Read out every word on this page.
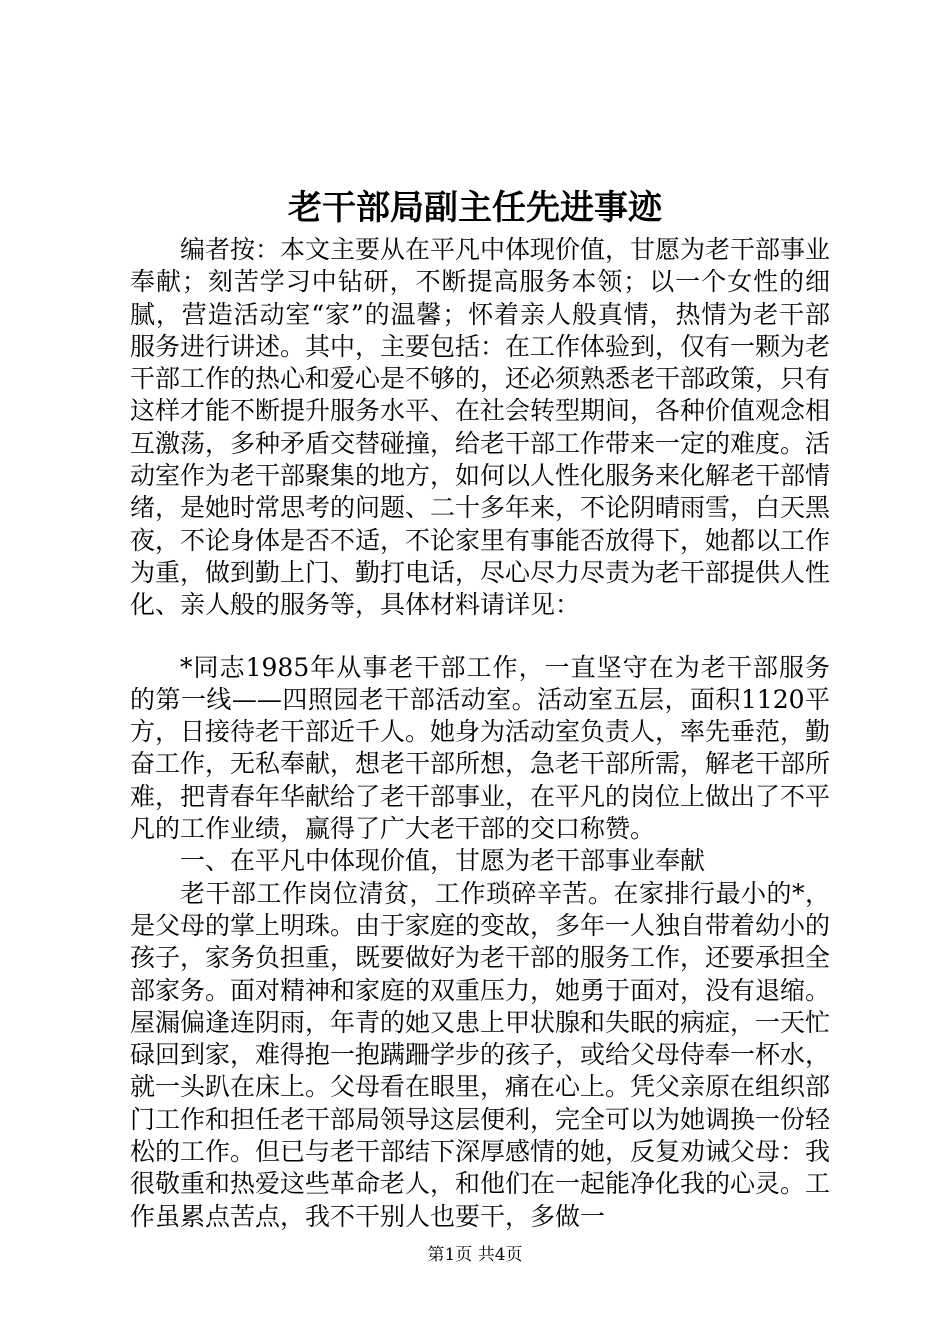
老干部局副主任先进事迹

编者按：本文主要从在平凡中体现价值，甘愿为老干部事业奉献；刻苦学习中钻研，不断提高服务本领；以一个女性的细腻，营造活动室“家”的温馨；怀着亲人般真情，热情为老干部服务进行讲述。其中，主要包括：在工作体验到，仅有一颗为老干部工作的热心和爱心是不够的，还必须熟悉老干部政策，只有这样才能不断提升服务水平、在社会转型期间，各种价值观念相互激荡，多种矛盾交替碰撞，给老干部工作带来一定的难度。活动室作为老干部聚集的地方，如何以人性化服务来化解老干部情绪，是她时常思考的问题、二十多年来，不论阴晴雨雪，白天黑夜，不论身体是否不适，不论家里有事能否放得下，她都以工作为重，做到勤上门、勤打电话，尽心尽力尽责为老干部提供人性化、亲人般的服务等，具体材料请详见：

*同志1985年从事老干部工作，一直坚守在为老干部服务的第一线——四照园老干部活动室。活动室五层，面积1120平方，日接待老干部近千人。她身为活动室负责人，率先垂范，勤奋工作，无私奉献，想老干部所想，急老干部所需，解老干部所难，把青春年华献给了老干部事业，在平凡的岗位上做出了不平凡的工作业绩，赢得了广大老干部的交口称赞。

一、在平凡中体现价值，甘愿为老干部事业奉献

老干部工作岗位清贫，工作琐碎辛苦。在家排行最小的*，是父母的掌上明珠。由于家庭的变故，多年一人独自带着幼小的孩子，家务负担重，既要做好为老干部的服务工作，还要承担全部家务。面对精神和家庭的双重压力，她勇于面对，没有退缩。屋漏偏逢连阴雨，年青的她又患上甲状腺和失眠的病症，一天忙碌回到家，难得抱一抱蹒跚学步的孩子，或给父母侍奉一杯水，就一头趴在床上。父母看在眼里，痛在心上。凭父亲原在组织部门工作和担任老干部局领导这层便利，完全可以为她调换一份轻松的工作。但已与老干部结下深厚感情的她，反复劝诫父母：我很敬重和热爱这些革命老人，和他们在一起能净化我的心灵。工作虽累点苦点，我不干别人也要干，多做一

第1页 共4页
